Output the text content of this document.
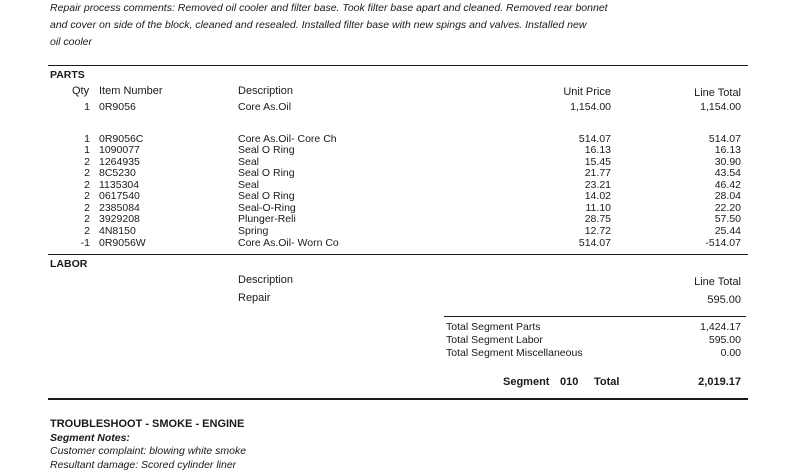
Repair process comments: Removed oil cooler and filter base. Took filter base apart and cleaned. Removed rear bonnet
and cover on side of the block, cleaned and resealed. Installed filter base with new spings and valves. Installed new
oil cooler
PARTS
Qty Item Number	Description	Unit Price	Line Total
1 0R9056	Core As.Oil	1,154.00	1,154.00
1 0R9056C	Core As.Oil- Core Ch	514.07	514.07
1 1090077	Seal O Ring	16.13	16.13
2 1264935	Seal	15.45	30.90
2 8C5230	Seal O Ring	21.77	43.54
2 1135304	Seal	23.21	46.42
2 0617540	Seal O Ring	14.02	28.04
2 2385084	Seal-O-Ring	11.10	22.20
2 3929208	Plunger-Reli	28.75	57.50
2 4N8150	Spring	12.72	25.44
-1 0R9056W	Core As.Oil- Worn Co	514.07	-514.07
LABOR
Description	Line Total
Repair	595.00
Total Segment Parts	1,424.17
Total Segment Labor	595.00
Total Segment Miscellaneous	0.00
Segment 010 Total	2,019.17
TROUBLESHOOT - SMOKE - ENGINE
Segment Notes:
Customer complaint: blowing white smoke
Resultant damage: Scored cylinder liner
